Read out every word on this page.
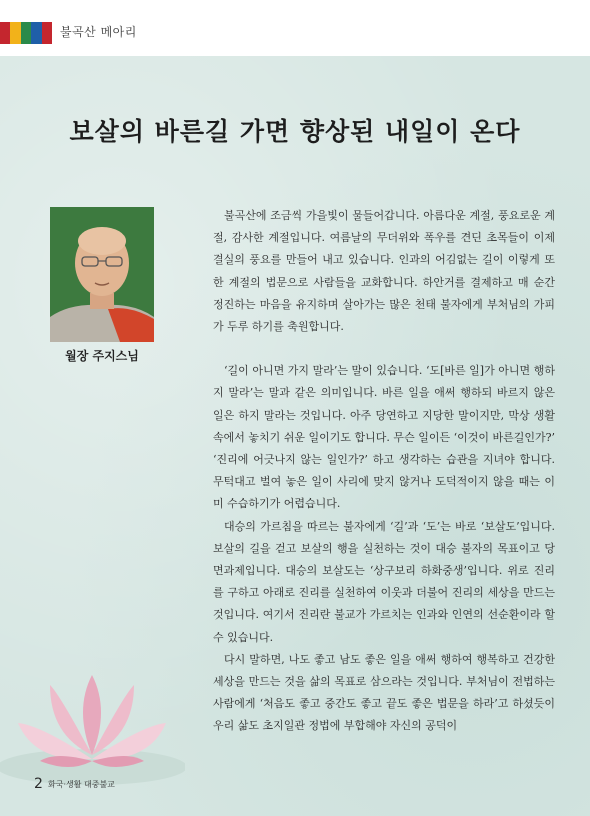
불곡산 메아리
보살의 바른길 가면 향상된 내일이 온다
월장 주지스님

불곡산에 조금씩 가을빛이 물들어갑니다. 아름다운 계절, 풍요로운 계절, 감사한 계절입니다. 여름날의 무더위와 폭우를 견딘 초목들이 이제 결실의 풍요를 만들어 내고 있습니다. 인과의 어김없는 길이 이렇게 또 한 계절의 법문으로 사람들을 교화합니다. 하안거를 결제하고 매 순간 정진하는 마음을 유지하며 살아가는 많은 천태 불자에게 부처님의 가피가 두루 하기를 축원합니다.

‘길이 아니면 가지 말라’는 말이 있습니다. ‘도[바른 일]가 아니면 행하지 말라’는 말과 같은 의미입니다. 바른 일을 애써 행하되 바르지 않은 일은 하지 말라는 것입니다. 아주 당연하고 지당한 말이지만, 막상 생활 속에서 놓치기 쉬운 일이기도 합니다. 무슨 일이든 ‘이것이 바른길인가?’ ‘진리에 어긋나지 않는 일인가?’ 하고 생각하는 습관을 지녀야 합니다. 무턱대고 벌여 놓은 일이 사리에 맞지 않거나 도덕적이지 않을 때는 이미 수습하기가 어렵습니다.

대승의 가르침을 따르는 불자에게 ‘길’과 ‘도’는 바로 ‘보살도’입니다. 보살의 길을 걷고 보살의 행을 실천하는 것이 대승 불자의 목표이고 당면과제입니다. 대승의 보살도는 ‘상구보리 하화중생’입니다. 위로 진리를 구하고 아래로 진리를 실천하여 이웃과 더불어 진리의 세상을 만드는 것입니다. 여기서 진리란 불교가 가르치는 인과와 인연의 선순환이라 할 수 있습니다.

다시 말하면, 나도 좋고 남도 좋은 일을 애써 행하여 행복하고 건강한 세상을 만드는 것을 삶의 목표로 삼으라는 것입니다. 부처님이 전법하는 사람에게 ‘처음도 좋고 중간도 좋고 끝도 좋은 법문을 하라’고 하셨듯이 우리 삶도 초지일관 정법에 부합해야 자신의 공덕이

2 화국·생활 대중불교
